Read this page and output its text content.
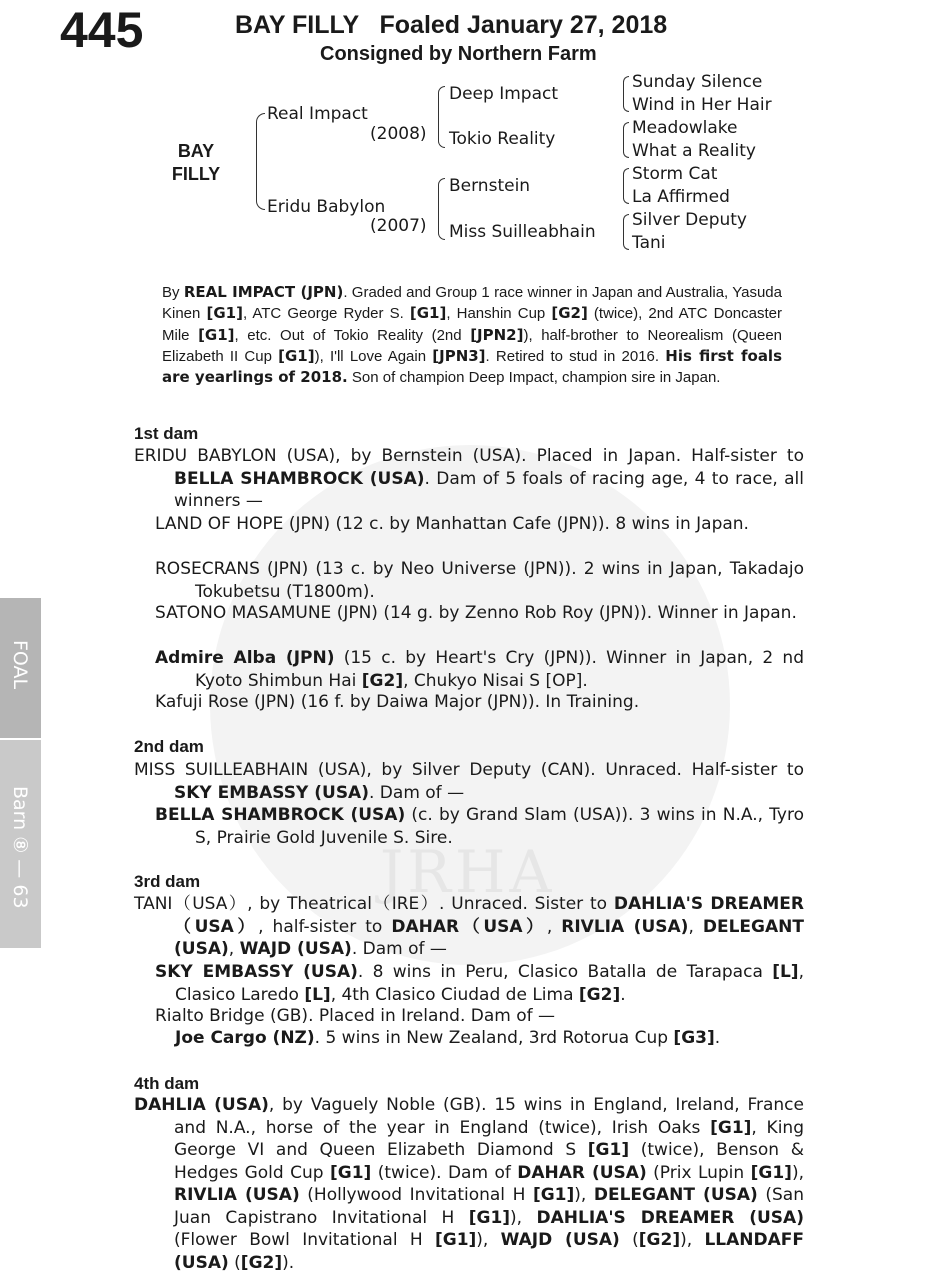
JRHA
445	BAY FILLY   Foaled January 27, 2018
Consigned by Northern Farm
BAY
FILLY
Real Impact
(2008)
Eridu Babylon
(2007)
Deep Impact
Tokio Reality
Bernstein
Miss Suilleabhain
Sunday Silence
Wind in Her Hair
Meadowlake
What a Reality
Storm Cat
La Affirmed
Silver Deputy
Tani
By REAL IMPACT (JPN). Graded and Group 1 race winner in Japan and Australia, Yasuda Kinen [G1], ATC George Ryder S. [G1], Hanshin Cup [G2] (twice), 2nd ATC Doncaster Mile [G1], etc. Out of Tokio Reality (2nd [JPN2]), half-brother to Neorealism (Queen Elizabeth II Cup [G1]), I'll Love Again [JPN3]. Retired to stud in 2016. His first foals are yearlings of 2018. Son of champion Deep Impact, champion sire in Japan.
1st dam
ERIDU BABYLON (USA), by Bernstein (USA). Placed in Japan. Half-sister to BELLA SHAMBROCK (USA). Dam of 5 foals of racing age, 4 to race, all winners —
LAND OF HOPE (JPN) (12 c. by Manhattan Cafe (JPN)). 8 wins in Japan.
ROSECRANS (JPN) (13 c. by Neo Universe (JPN)). 2 wins in Japan, Takadajo Tokubetsu (T1800m).
SATONO MASAMUNE (JPN) (14 g. by Zenno Rob Roy (JPN)). Winner in Japan.
Admire Alba (JPN) (15 c. by Heart's Cry (JPN)). Winner in Japan, 2 nd Kyoto Shimbun Hai [G2], Chukyo Nisai S [OP].
Kafuji Rose (JPN) (16 f. by Daiwa Major (JPN)). In Training.
2nd dam
MISS SUILLEABHAIN (USA), by Silver Deputy (CAN). Unraced. Half-sister to SKY EMBASSY (USA). Dam of —
BELLA SHAMBROCK (USA) (c. by Grand Slam (USA)). 3 wins in N.A., Tyro S, Prairie Gold Juvenile S. Sire.
3rd dam
TANI（USA）, by Theatrical（IRE）. Unraced. Sister to DAHLIA'S DREAMER（USA）, half-sister to DAHAR（USA）, RIVLIA (USA), DELEGANT (USA), WAJD (USA). Dam of —
SKY EMBASSY (USA). 8 wins in Peru, Clasico Batalla de Tarapaca [L], Clasico Laredo [L], 4th Clasico Ciudad de Lima [G2].
Rialto Bridge (GB). Placed in Ireland. Dam of —
Joe Cargo (NZ). 5 wins in New Zealand, 3rd Rotorua Cup [G3].
4th dam
DAHLIA (USA), by Vaguely Noble (GB). 15 wins in England, Ireland, France and N.A., horse of the year in England (twice), Irish Oaks [G1], King George VI and Queen Elizabeth Diamond S [G1] (twice), Benson & Hedges Gold Cup [G1] (twice). Dam of DAHAR (USA) (Prix Lupin [G1]), RIVLIA (USA) (Hollywood Invitational H [G1]), DELEGANT (USA) (San Juan Capistrano Invitational H [G1]), DAHLIA'S DREAMER (USA) (Flower Bowl Invitational H [G1]), WAJD (USA) ([G2]), LLANDAFF (USA) ([G2]).
FOAL
Barn ⑧ — 63
